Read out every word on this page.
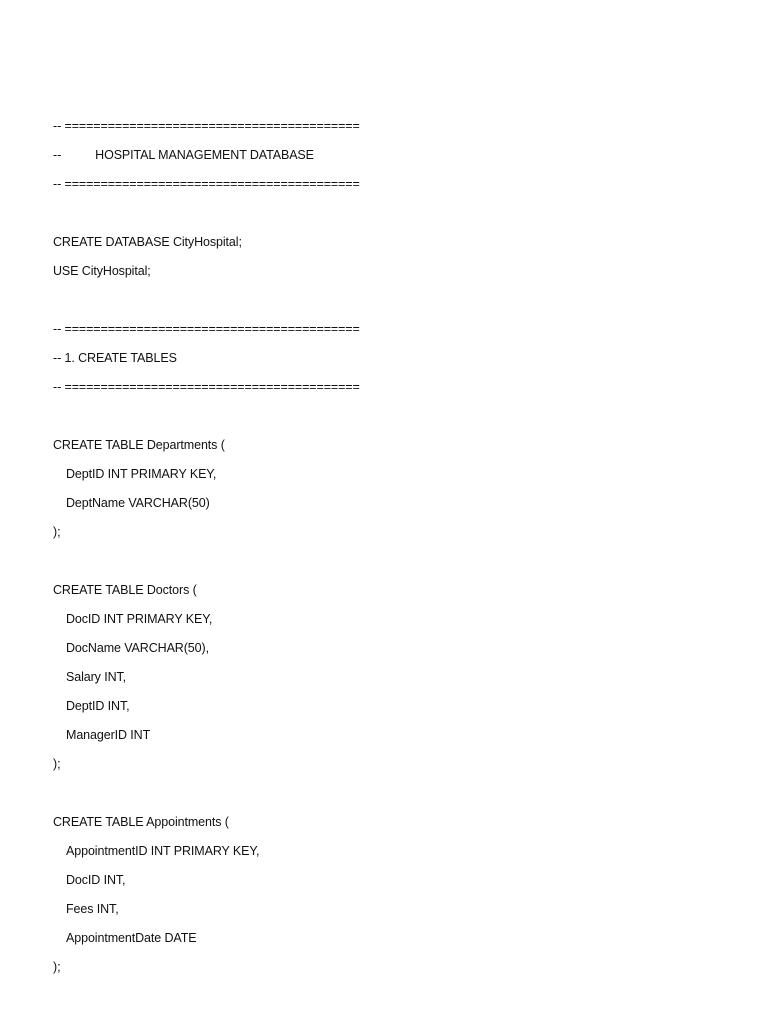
-- =========================================
--	HOSPITAL MANAGEMENT DATABASE
-- =========================================
CREATE DATABASE CityHospital;
USE CityHospital;
-- =========================================
-- 1. CREATE TABLES
-- =========================================
CREATE TABLE Departments (
DeptID INT PRIMARY KEY,
DeptName VARCHAR(50)
);
CREATE TABLE Doctors (
DocID INT PRIMARY KEY,
DocName VARCHAR(50),
Salary INT,
DeptID INT,
ManagerID INT
);
CREATE TABLE Appointments (
AppointmentID INT PRIMARY KEY,
DocID INT,
Fees INT,
AppointmentDate DATE
);
